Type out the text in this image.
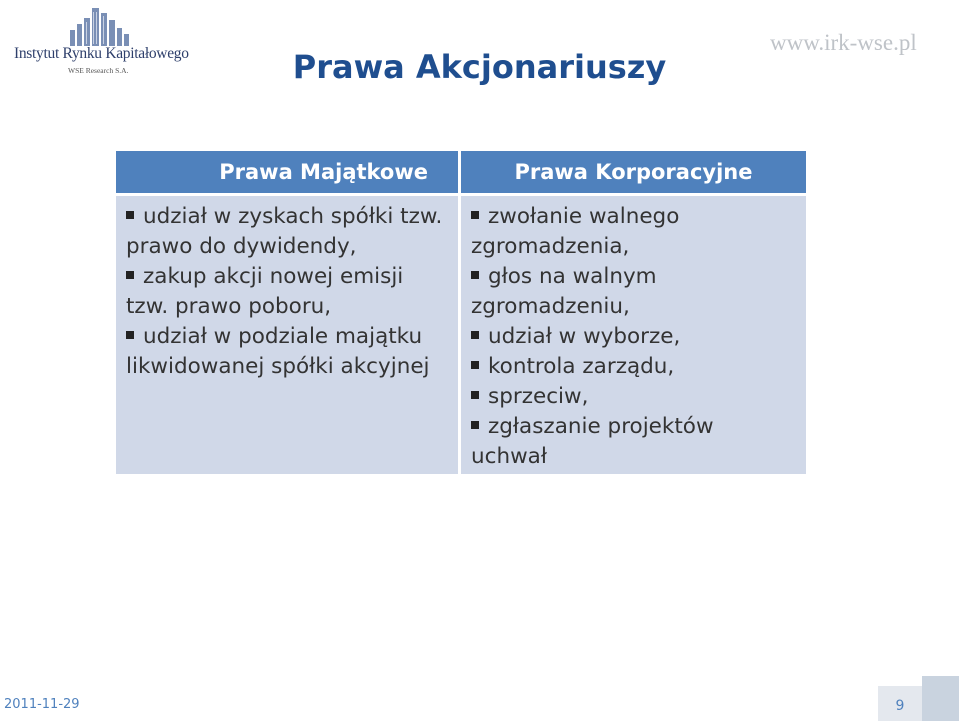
Instytut Rynku Kapitałowego
WSE Research S.A.
www.irk-wse.pl
Prawa Akcjonariuszy
Prawa Majątkowe

udział w zyskach spółki tzw. prawo do dywidendy,

zakup akcji nowej emisji tzw. prawo poboru,

udział w podziale majątku likwidowanej spółki akcyjnej

Prawa Korporacyjne

zwołanie walnego zgromadzenia,

głos na walnym zgromadzeniu,

udział w wyborze,

kontrola zarządu,

sprzeciw,

zgłaszanie projektów uchwał

2011-11-29	9
